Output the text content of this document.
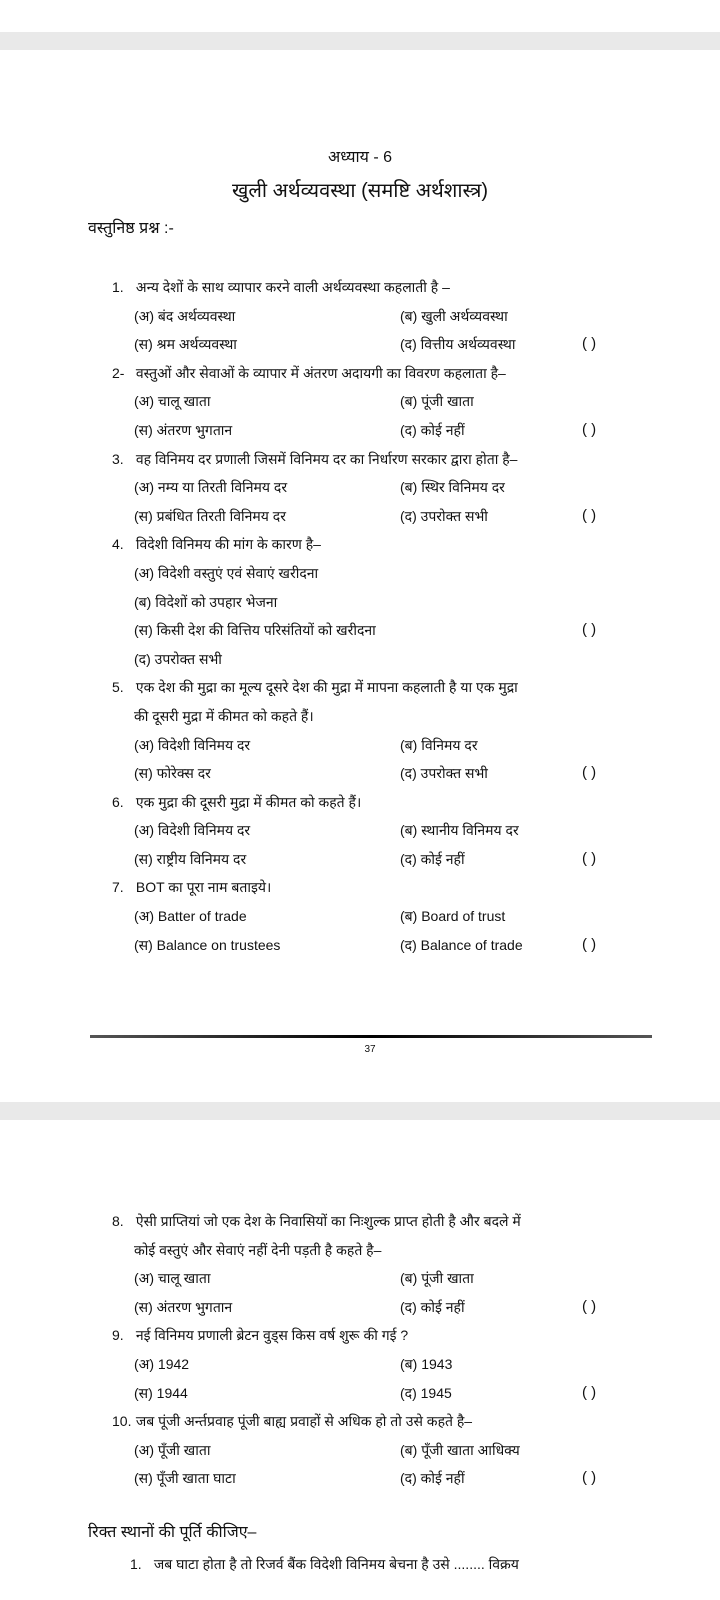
अध्याय - 6
खुली अर्थव्यवस्था (समष्टि अर्थशास्त्र)
वस्तुनिष्ठ प्रश्न :-
1. अन्य देशों के साथ व्यापार करने वाली अर्थव्यवस्था कहलाती है –
(अ) बंद अर्थव्यवस्था	(ब) खुली अर्थव्यवस्था
(स) श्रम अर्थव्यवस्था	(द) वित्तीय अर्थव्यवस्था	( )
2- वस्तुओं और सेवाओं के व्यापार में अंतरण अदायगी का विवरण कहलाता है–
(अ) चालू खाता	(ब) पूंजी खाता
(स) अंतरण भुगतान	(द) कोई नहीं	( )
3. वह विनिमय दर प्रणाली जिसमें विनिमय दर का निर्धारण सरकार द्वारा होता है–
(अ) नम्य या तिरती विनिमय दर	(ब) स्थिर विनिमय दर
(स) प्रबंधित तिरती विनिमय दर	(द) उपरोक्त सभी	( )
4. विदेशी विनिमय की मांग के कारण है–
(अ) विदेशी वस्तुएं एवं सेवाएं खरीदना
(ब) विदेशों को उपहार भेजना
(स) किसी देश की वित्तिय परिसंतियों को खरीदना	( )
(द) उपरोक्त सभी
5. एक देश की मुद्रा का मूल्य दूसरे देश की मुद्रा में मापना कहलाती है या एक मुद्रा
की दूसरी मुद्रा में कीमत को कहते हैं।
(अ) विदेशी विनिमय दर	(ब) विनिमय दर
(स) फोरेक्स दर	(द) उपरोक्त सभी	( )
6. एक मुद्रा की दूसरी मुद्रा में कीमत को कहते हैं।
(अ) विदेशी विनिमय दर	(ब) स्थानीय विनिमय दर
(स) राष्ट्रीय विनिमय दर	(द) कोई नहीं	( )
7. BOT का पूरा नाम बताइये।
(अ) Batter of trade	(ब) Board of trust
(स) Balance on trustees	(द) Balance of trade	( )
37
8. ऐसी प्राप्तियां जो एक देश के निवासियों का निःशुल्क प्राप्त होती है और बदले में
कोई वस्तुएं और सेवाएं नहीं देनी पड़ती है कहते है–
(अ) चालू खाता	(ब) पूंजी खाता
(स) अंतरण भुगतान	(द) कोई नहीं	( )
9. नई विनिमय प्रणाली ब्रेटन वुड्स किस वर्ष शुरू की गई ?
(अ) 1942	(ब) 1943
(स) 1944	(द) 1945	( )
10. जब पूंजी अर्न्तप्रवाह पूंजी बाह्य प्रवाहों से अधिक हो तो उसे कहते है–
(अ) पूँजी खाता	(ब) पूँजी खाता आधिक्य
(स) पूँजी खाता घाटा	(द) कोई नहीं	( )
रिक्त स्थानों की पूर्ति कीजिए–
1. जब घाटा होता है तो रिजर्व बैंक विदेशी विनिमय बेचना है उसे ........ विक्रय
